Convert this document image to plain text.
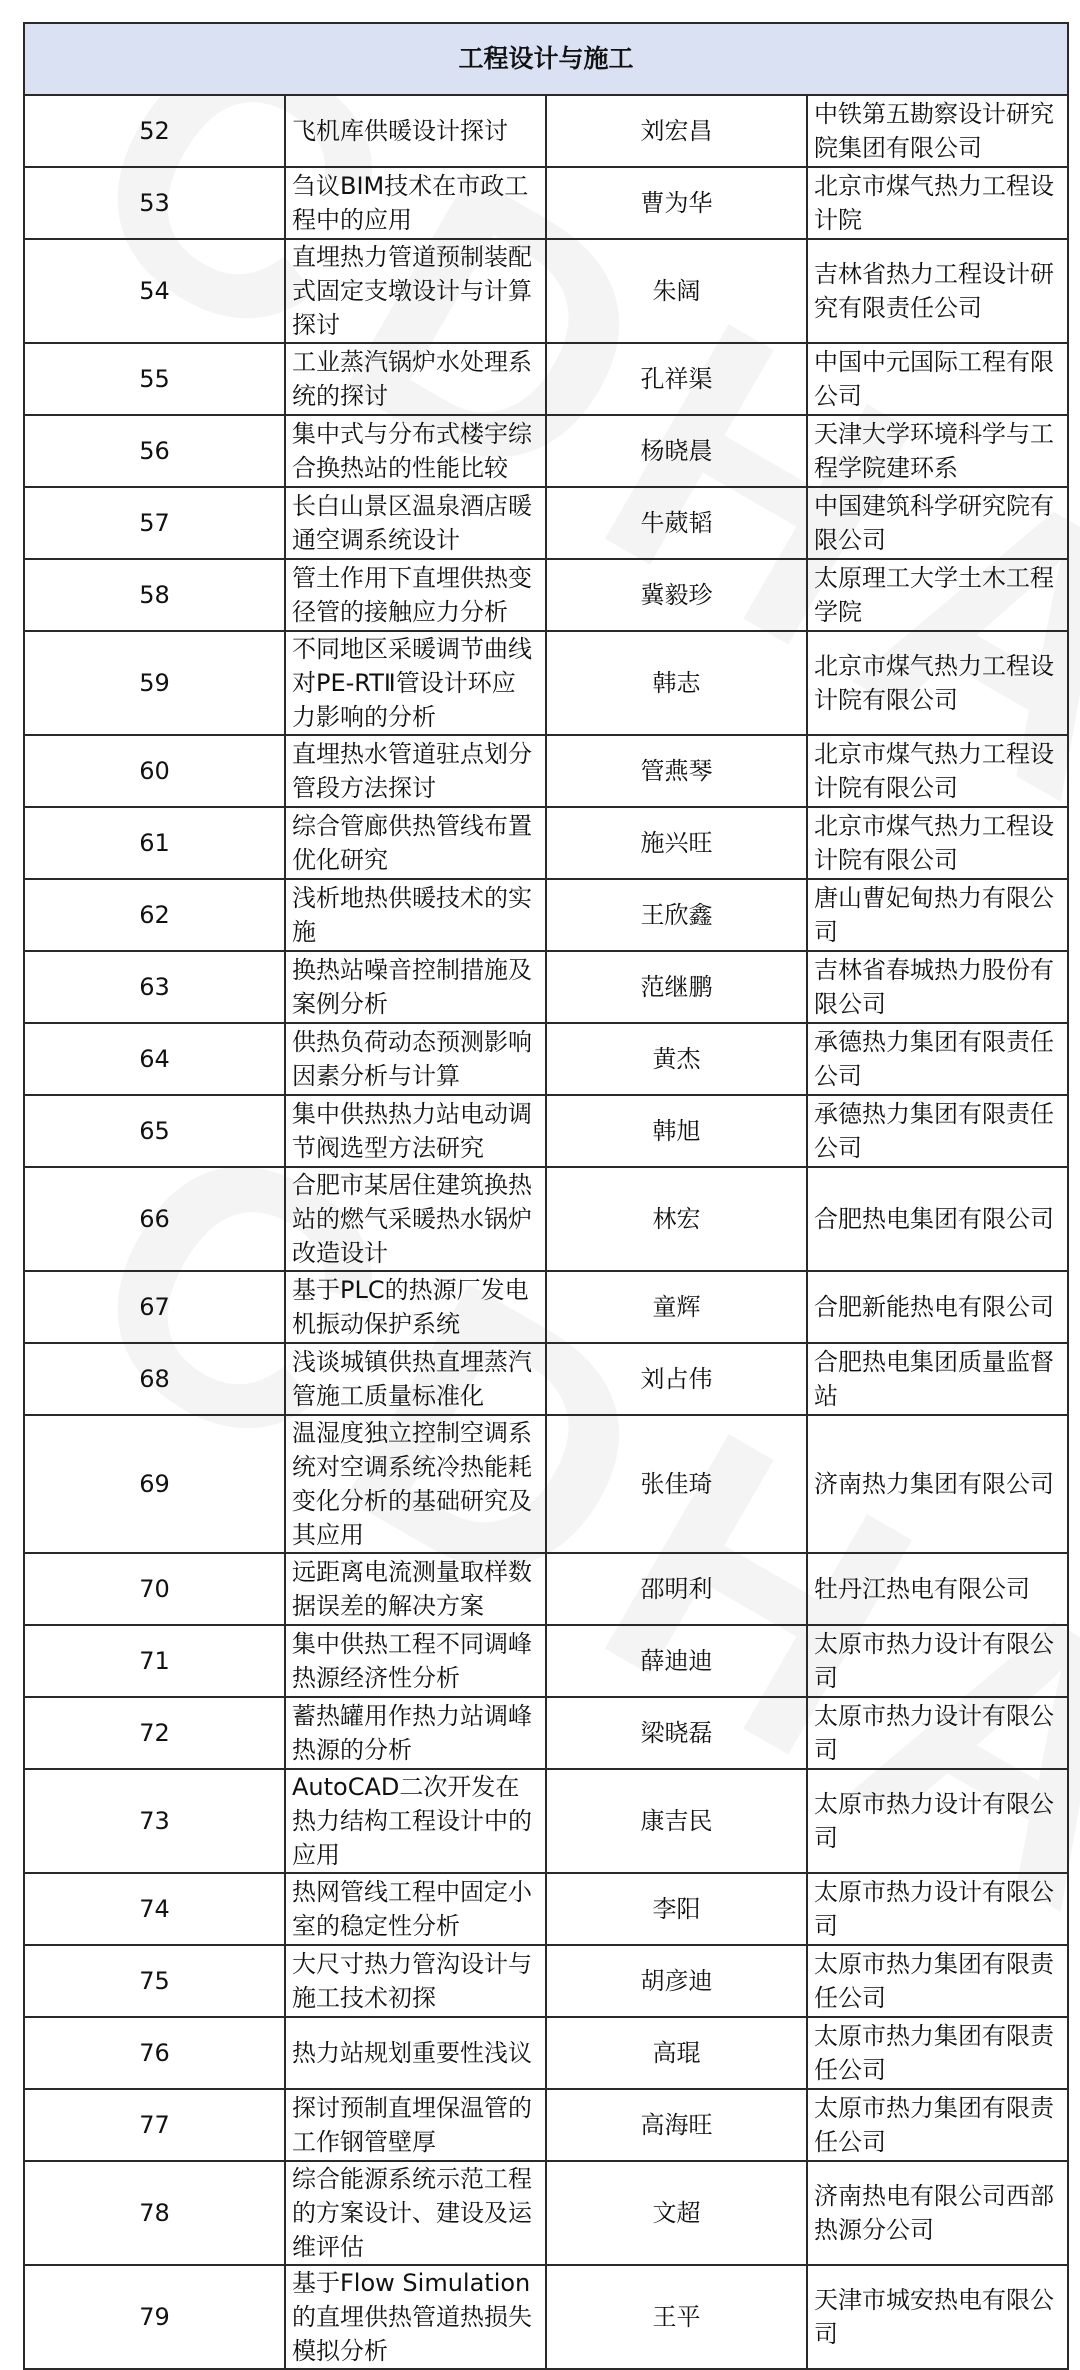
工程设计与施工			
52	飞机库供暖设计探讨	刘宏昌	中铁第五勘察设计研究院集团有限公司
53	刍议BIM技术在市政工程中的应用	曹为华	北京市煤气热力工程设计院
54	直埋热力管道预制装配式固定支墩设计与计算探讨	朱阔	吉林省热力工程设计研究有限责任公司
55	工业蒸汽锅炉水处理系统的探讨	孔祥渠	中国中元国际工程有限公司
56	集中式与分布式楼宇综合换热站的性能比较	杨晓晨	天津大学环境科学与工程学院建环系
57	长白山景区温泉酒店暖通空调系统设计	牛葳韬	中国建筑科学研究院有限公司
58	管土作用下直埋供热变径管的接触应力分析	冀毅珍	太原理工大学土木工程学院
59	不同地区采暖调节曲线对PE-RTⅡ管设计环应力影响的分析	韩志	北京市煤气热力工程设计院有限公司
60	直埋热水管道驻点划分管段方法探讨	管燕琴	北京市煤气热力工程设计院有限公司
61	综合管廊供热管线布置优化研究	施兴旺	北京市煤气热力工程设计院有限公司
62	浅析地热供暖技术的实施	王欣鑫	唐山曹妃甸热力有限公司
63	换热站噪音控制措施及案例分析	范继鹏	吉林省春城热力股份有限公司
64	供热负荷动态预测影响因素分析与计算	黄杰	承德热力集团有限责任公司
65	集中供热热力站电动调节阀选型方法研究	韩旭	承德热力集团有限责任公司
66	合肥市某居住建筑换热站的燃气采暖热水锅炉改造设计	林宏	合肥热电集团有限公司
67	基于PLC的热源厂发电机振动保护系统	童辉	合肥新能热电有限公司
68	浅谈城镇供热直埋蒸汽管施工质量标准化	刘占伟	合肥热电集团质量监督站
69	温湿度独立控制空调系统对空调系统冷热能耗变化分析的基础研究及其应用	张佳琦	济南热力集团有限公司
70	远距离电流测量取样数据误差的解决方案	邵明利	牡丹江热电有限公司
71	集中供热工程不同调峰热源经济性分析	薛迪迪	太原市热力设计有限公司
72	蓄热罐用作热力站调峰热源的分析	梁晓磊	太原市热力设计有限公司
73	AutoCAD二次开发在热力结构工程设计中的应用	康吉民	太原市热力设计有限公司
74	热网管线工程中固定小室的稳定性分析	李阳	太原市热力设计有限公司
75	大尺寸热力管沟设计与施工技术初探	胡彦迪	太原市热力集团有限责任公司
76	热力站规划重要性浅议	高琨	太原市热力集团有限责任公司
77	探讨预制直埋保温管的工作钢管壁厚	高海旺	太原市热力集团有限责任公司
78	综合能源系统示范工程的方案设计、建设及运维评估	文超	济南热电有限公司西部热源分公司
79	基于Flow Simulation的直埋供热管道热损失模拟分析	王平	天津市城安热电有限公司
